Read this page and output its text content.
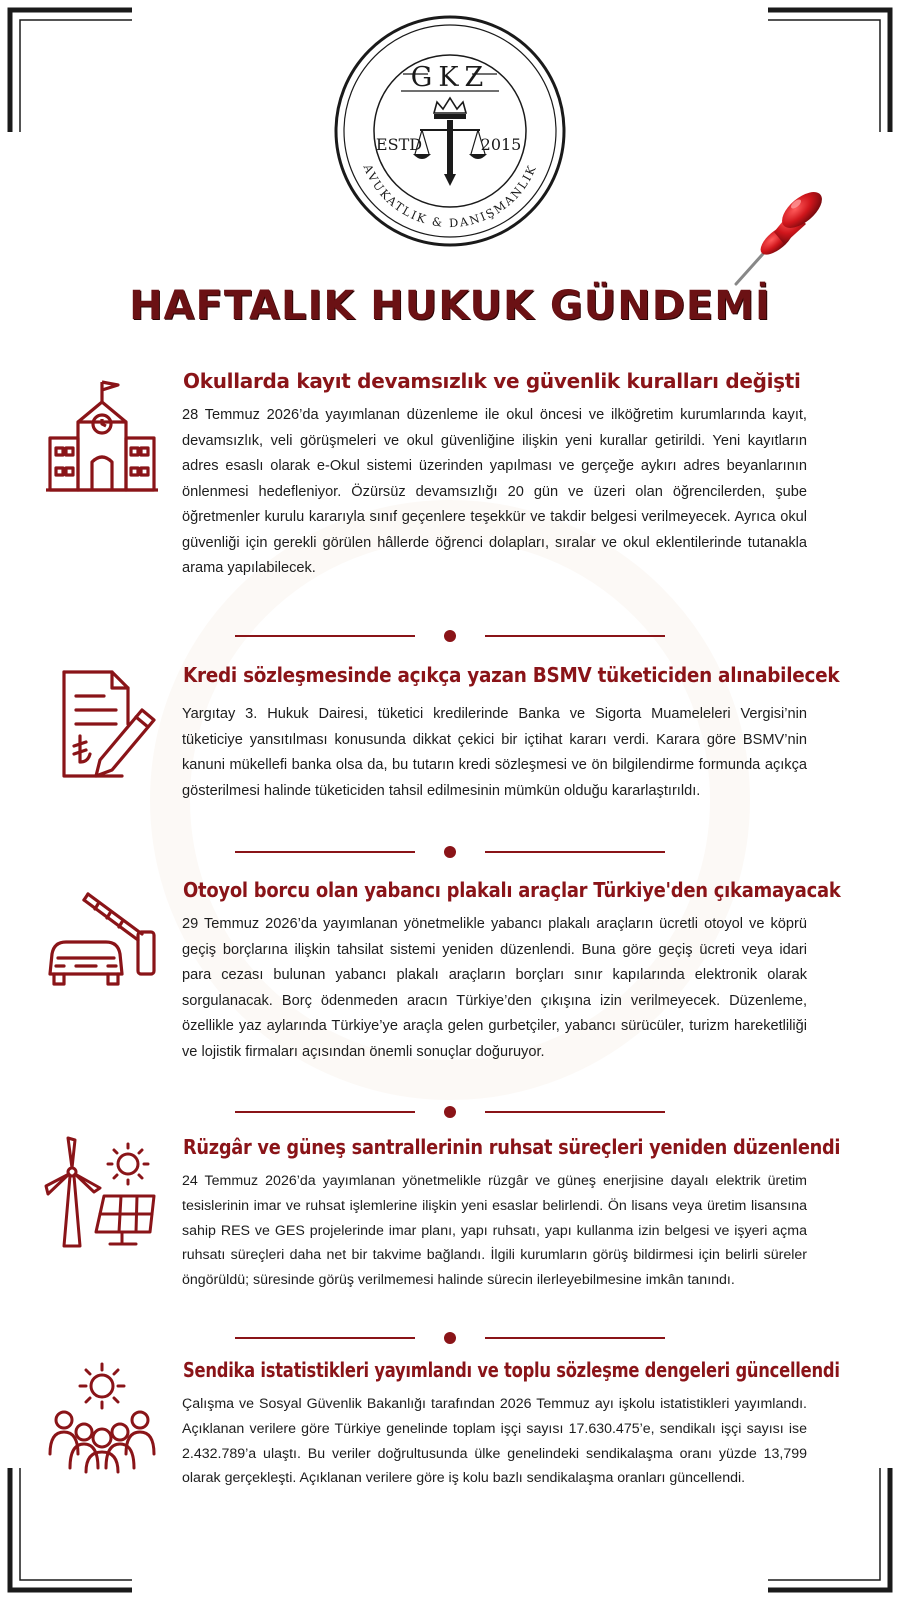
GKZ
ESTD	2015
AVUKATLIK & DANIŞMANLIK
HAFTALIK HUKUK GÜNDEMİ
Okullarda kayıt devamsızlık ve güvenlik kuralları değişti
28 Temmuz 2026’da yayımlanan düzenleme ile okul öncesi ve ilköğretim kurumlarında kayıt, devamsızlık, veli görüşmeleri ve okul güvenliğine ilişkin yeni kurallar getirildi. Yeni kayıtların adres esaslı olarak e-Okul sistemi üzerinden yapılması ve gerçeğe aykırı adres beyanlarının önlenmesi hedefleniyor. Özürsüz devamsızlığı 20 gün ve üzeri olan öğrencilerden, şube öğretmenler kurulu kararıyla sınıf geçenlere teşekkür ve takdir belgesi verilmeyecek. Ayrıca okul güvenliği için gerekli görülen hâllerde öğrenci dolapları, sıralar ve okul eklentilerinde tutanakla arama yapılabilecek.
Kredi sözleşmesinde açıkça yazan BSMV tüketiciden alınabilecek
Yargıtay 3. Hukuk Dairesi, tüketici kredilerinde Banka ve Sigorta Muameleleri Vergisi’nin tüketiciye yansıtılması konusunda dikkat çekici bir içtihat kararı verdi. Karara göre BSMV’nin kanuni mükellefi banka olsa da, bu tutarın kredi sözleşmesi ve ön bilgilendirme formunda açıkça gösterilmesi halinde tüketiciden tahsil edilmesinin mümkün olduğu kararlaştırıldı.
Otoyol borcu olan yabancı plakalı araçlar Türkiye'den çıkamayacak
29 Temmuz 2026’da yayımlanan yönetmelikle yabancı plakalı araçların ücretli otoyol ve köprü geçiş borçlarına ilişkin tahsilat sistemi yeniden düzenlendi. Buna göre geçiş ücreti veya idari para cezası bulunan yabancı plakalı araçların borçları sınır kapılarında elektronik olarak sorgulanacak. Borç ödenmeden aracın Türkiye’den çıkışına izin verilmeyecek. Düzenleme, özellikle yaz aylarında Türkiye’ye araçla gelen gurbetçiler, yabancı sürücüler, turizm hareketliliği ve lojistik firmaları açısından önemli sonuçlar doğuruyor.
Rüzgâr ve güneş santrallerinin ruhsat süreçleri yeniden düzenlendi
24 Temmuz 2026’da yayımlanan yönetmelikle rüzgâr ve güneş enerjisine dayalı elektrik üretim tesislerinin imar ve ruhsat işlemlerine ilişkin yeni esaslar belirlendi. Ön lisans veya üretim lisansına sahip RES ve GES projelerinde imar planı, yapı ruhsatı, yapı kullanma izin belgesi ve işyeri açma ruhsatı süreçleri daha net bir takvime bağlandı. İlgili kurumların görüş bildirmesi için belirli süreler öngörüldü; süresinde görüş verilmemesi halinde sürecin ilerleyebilmesine imkân tanındı.
Sendika istatistikleri yayımlandı ve toplu sözleşme dengeleri güncellendi
Çalışma ve Sosyal Güvenlik Bakanlığı tarafından 2026 Temmuz ayı işkolu istatistikleri yayımlandı. Açıklanan verilere göre Türkiye genelinde toplam işçi sayısı 17.630.475’e, sendikalı işçi sayısı ise 2.432.789’a ulaştı. Bu veriler doğrultusunda ülke genelindeki sendikalaşma oranı yüzde 13,799 olarak gerçekleşti. Açıklanan verilere göre iş kolu bazlı sendikalaşma oranları güncellendi.
